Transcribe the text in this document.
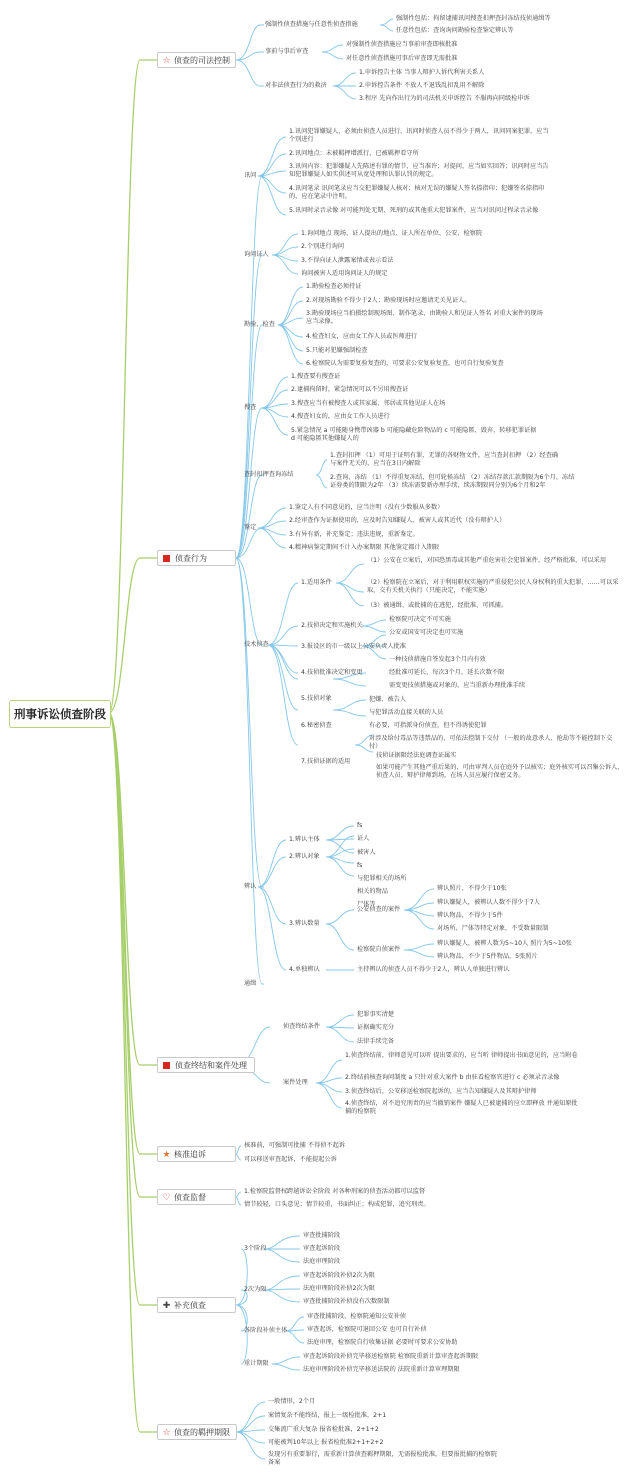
刑事诉讼侦查阶段
☆ 侦查的司法控制
侦查行为
侦查终结和案件处理
★ 核准追诉
♡ 侦查监督
✚ 补充侦查
☆ 侦查的羁押期限
强制性侦查措施与任意性侦查措施
强制性包括：拘留逮捕讯问搜查扣押查封冻结技侦通缉等
任意性包括：查询询问勘验检查鉴定辨认等
事前与事后审查
对强制性侦查措施应当事前审查即核批准
对任意性侦查措施可事后审查即无需批准
对非法侦查行为的救济
1.申诉控告主体 当事人辩护人诉代利害关系人
2.申诉控告条件 不放人不退钱乱扣乱用不解除
3.程序 先向作出行为的司法机关申诉控告 不服再向同级检申诉
讯问
1.讯问犯罪嫌疑人，必须由侦查人员进行，讯问时侦查人员不得少于两人，讯问同案犯罪，应当个别进行
2.讯问地点：未被羁押增派行，已被羁押看守所
3.讯问内容：犯罪嫌疑人先陈述有罪的情节，应当准许；对提问，应当如实回答；讯问时应当告知犯罪嫌疑人如实供述可从宽处理和认罪认罚的规定。
4.讯问笔录 讯问笔录应当交犯罪嫌疑人核对；核对无误的嫌疑人签名捺指印；犯嫌签名捺指印的，应在笔录中注明。
5.讯问时录音录像 对可能判处无期、死刑的或其他重大犯罪案件，应当对讯问过程录音录像
询问证人
1.询问地点 现场、证人提出的地点、证人所在单位、公安、检察院
2.个别进行询问
3.不得向证人泄露案情或表示看法
询问被害人适用询问证人的规定
勘验、检查
1.勘验检查必须持证
2.对现场勘验不得少于2人；勘验现场时应邀请无关见证人。
3.勘验现场应当拍摄绘制现场图、制作笔录，由勘验人和见证人签名 对重大案件的现场应当录像。
4.检查妇女，应由女工作人员或医师进行
5.只能对犯嫌强制检查
6.检察院认为需要复验复查的，可要求公安复验复查，也可自行复验复查
搜查
1.搜查要有搜查证
2.逮捕拘留时，紧急情况可以不另用搜查证
3.搜查应当有被搜查人或其家属、邻居或其他见证人在场
4.搜查妇女的，应由女工作人员进行
5.紧急情况 a 可能随身携带凶器 b 可能隐藏危险物品的 c 可能隐匿、毁弃、转移犯罪证据 d 可能隐匿其他嫌疑人的
查封扣押查询冻结
1.查封扣押 （1）可用于证明有罪、无罪的各财物文件，应当查封扣押 （2）经查确与案件无关的，应当在3日内解除
2.查询、冻结 （1）不得重复冻结，但可轮候冻结 （2）冻结存款汇款期限为6个月，冻结证券类的期限为2年 （3）续冻需要新办理手续，续冻期限同分别为6个月和2年
鉴定
1.鉴定人有不同意见的，应当注明（没有少数服从多数）
2.经审查作为证据使用的，应及时告知嫌疑人、被害人或其近代（没有辩护人）
3.有异有新，补充鉴定；违法违规，重新鉴定。
4.精神病鉴定期间不计入办案期限 其他鉴定都计入期限
技术侦查
1.适用条件
（1）公安在立案后，对国恐黑毒或其他严重危害社会犯罪案件，经严格批准，可以采用
（2）检察院在立案后，对于利用职权实施的严重侵犯公民人身权利的重大犯罪，……可以采取，交有关机关执行（只能决定，不能实施）
（3）被通缉、或批捕的在逃犯，经批准，可抓捕。
2.技侦决定和实施机关
检察院可决定不可实施
公安或国安可决定也可实施
3.报设区的市一级以上公安负责人批准
4.技侦批准决定和变更
一种技侦措施自签发起3个月内有效
经批准可延长，每次3个月，延长次数不限
需变更技侦措施或对象的，应当重新办理批准手续
5.技侦对象	犯嫌、被告人
与犯罪活动直接关联的人员
6.秘密侦查	有必要，可指派身份侦查，但不得诱使犯罪
对涉及给付毒品等违禁品的，可依法控制下交付 （一般的故意杀人、抢劫等不能控制下交付）
7.技侦证据的适用
技侦证据限经法庭调查证属实
如果可能产生其他严重后果的，可由审判人员在庭外予以核实；庭外核实可以召集公诉人、侦查人员、辩护律师到场，在场人员应履行保密义务。
辨认
1.辨认主体
fs
证人
被害人
2.辨认对象
fs
与犯罪相关的场所
相关的物品
尸体等
3.辨认数量
公安侦查的案件
辨认照片，不得少于10张
辨认嫌疑人，被辨认人数不得少于7人
辨认物品，不得少于5件
对场所、尸体等特定对象，不受数量限制
检察院自侦案件
辨认嫌疑人，被辨人数为5~10人 照片为5~10张
辨认物品，不少于5件物品，5张照片
4.单独辨认	主持辨认的侦查人员不得少于2人，辨认人单独进行辨认
通缉
侦查终结条件
犯罪事实清楚
证据确实充分
法律手续完备
案件处理
1.侦查终结前，律师意见可以听 提出要求的，应当听 律师提出书面意见的，应当附卷
2.终结前核查询问制度 a 只针对重大案件 b 由驻看检察官进行 c 必须录音录像
3.侦查终结后，公安移送检察院起诉的，应当告知嫌疑人及其辩护律师
4.侦查终结，对不追究刑责的应当撤销案件 嫌疑人已被逮捕的应立即释放 并通知原批捕的检察院
核准前，可强制可批捕 不得侦不起诉
可以移送审查起诉，不能提起公诉
1.检察院监督权跨越诉讼全阶段 对各种刑案的侦查活动都可以监督
情节较轻，口头意见；情节较重，书面纠正；构成犯罪，追究刑责。
3个阶段
审查批捕阶段
审查起诉阶段
法庭审理阶段
2次为限
审查起诉阶段补侦2次为限
法庭审理阶段补侦2次为限
审查批捕阶段补侦没有次数限制
各阶段补侦主体
审查批捕阶段，检察院通知公安补侦
审查起诉，检察院可退回公安 也可自行补侦
法庭审理，检察院自行收集证据 必要时可要求公安协助
重计期限
审查起诉阶段补侦完毕移送检察院 检察院重新计算审查起诉期限
法庭审理阶段补侦完毕移送法院的 法院重新计算审理期限
一般情形，2个月
案情复杂不能终结，报上一级检批准，2+1
交集流广重大复杂 报省检批准，2+1+2
可能被判10年以上 报省检批准2+1+2+2
发现另有重要罪行，需重新计算侦查羁押期限，无需报检批准，但要报批捕的检察院备案
